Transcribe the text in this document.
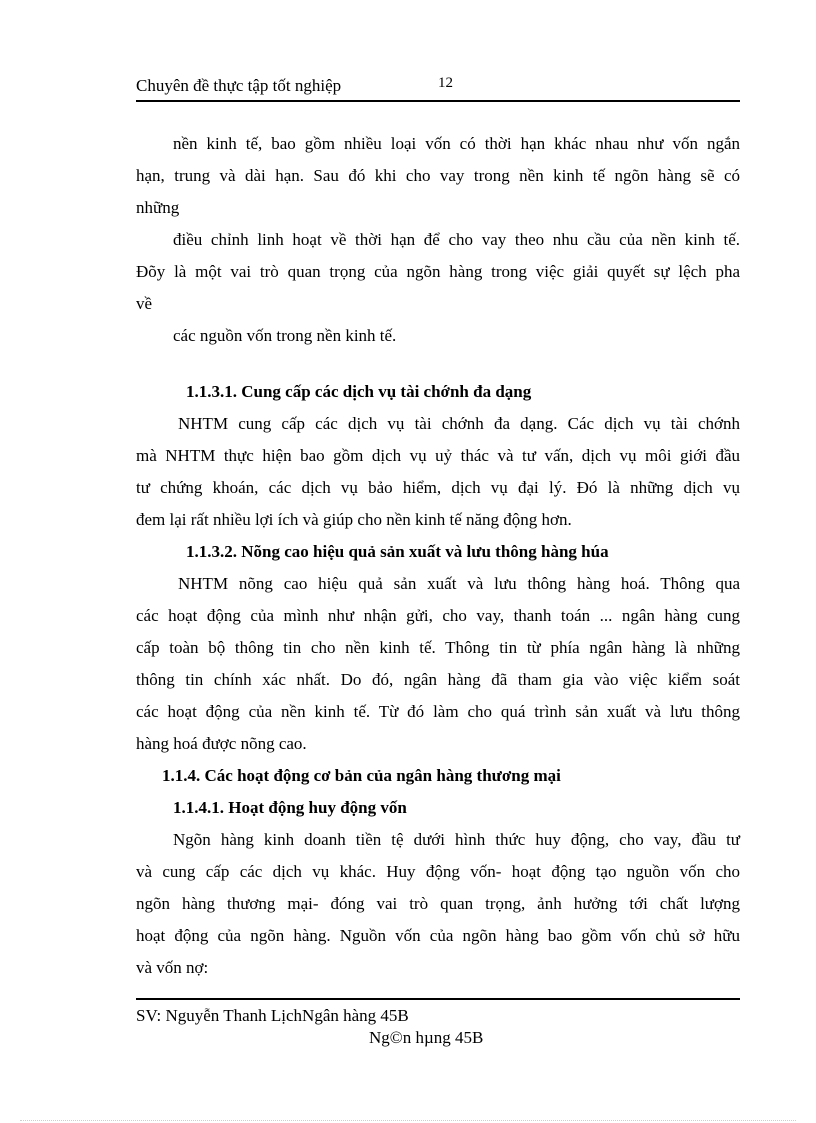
Chuyên đề thực tập tốt nghiệp	12
nền kinh tế, bao gồm nhiều loại vốn có thời hạn khác nhau như vốn ngắn
hạn, trung và dài hạn. Sau đó khi cho vay trong nền kinh tế ngõn hàng sẽ có
những
điều chỉnh linh hoạt về thời hạn để cho vay theo nhu cầu của nền kinh tế.
Đõy là một vai trò quan trọng của ngõn hàng trong việc giải quyết sự lệch pha
về
các nguồn vốn trong nền kinh tế.
1.1.3.1. Cung cấp các dịch vụ tài chớnh đa dạng
NHTM cung cấp các dịch vụ tài chớnh đa dạng. Các dịch vụ tài chớnh
mà NHTM thực hiện bao gồm dịch vụ uỷ thác và tư vấn, dịch vụ môi giới đầu
tư chứng khoán, các dịch vụ bảo hiểm, dịch vụ đại lý. Đó là những dịch vụ
đem lại rất nhiều lợi ích và giúp cho nền kinh tế năng động hơn.
1.1.3.2. Nõng cao hiệu quả sản xuất và lưu thông hàng húa
NHTM nõng cao hiệu quả sản xuất và lưu thông hàng hoá. Thông qua
các hoạt động của mình như nhận gửi, cho vay, thanh toán ... ngân hàng cung
cấp toàn bộ thông tin cho nền kinh tế. Thông tin từ phía ngân hàng là những
thông tin chính xác nhất. Do đó, ngân hàng đã tham gia vào việc kiểm soát
các hoạt động của nền kinh tế. Từ đó làm cho quá trình sản xuất và lưu thông
hàng hoá được nõng cao.
1.1.4. Các hoạt động cơ bản của ngân hàng thương mại
1.1.4.1. Hoạt động huy động vốn
Ngõn hàng kinh doanh tiền tệ dưới hình thức huy động, cho vay, đầu tư
và cung cấp các dịch vụ khác. Huy động vốn- hoạt động tạo nguồn vốn cho
ngõn hàng thương mại- đóng vai trò quan trọng, ảnh hưởng tới chất lượng
hoạt động của ngõn hàng. Nguồn vốn của ngõn hàng bao gồm vốn chủ sở hữu
và vốn nợ:
SV: Nguyễn Thanh LịchNgân hàng 45B
Ng©n hµng 45B
